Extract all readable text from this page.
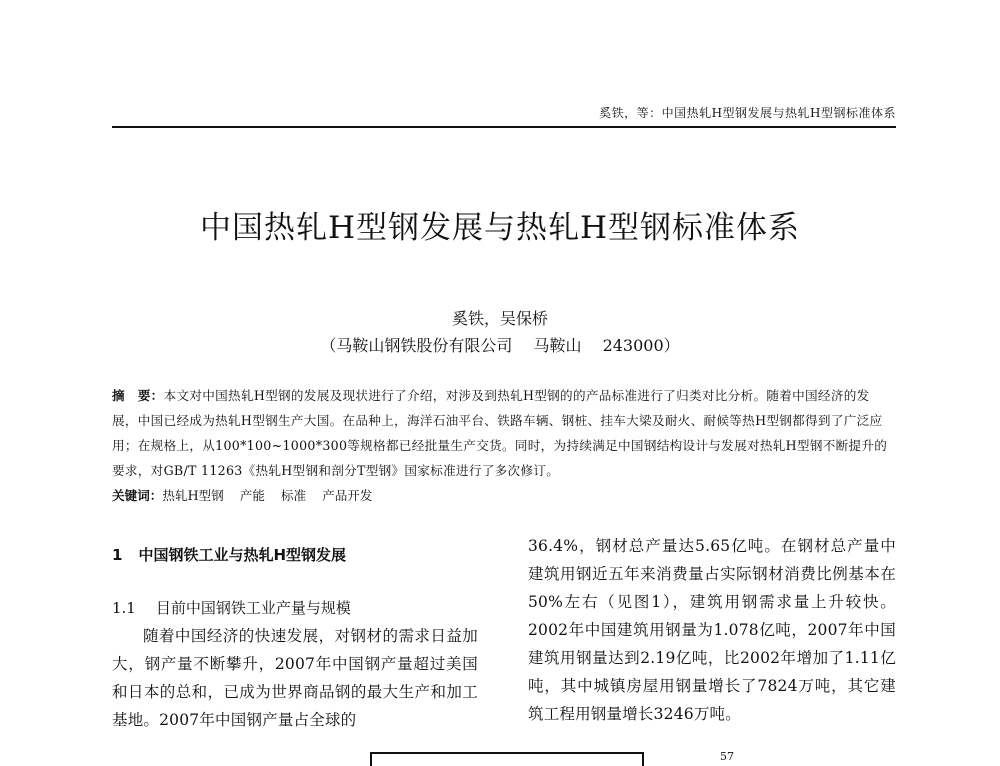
奚铁，等：中国热轧H型钢发展与热轧H型钢标准体系
中国热轧H型钢发展与热轧H型钢标准体系
奚铁，吴保桥
（马鞍山钢铁股份有限公司 马鞍山 243000）
摘　要：本文对中国热轧H型钢的发展及现状进行了介绍，对涉及到热轧H型钢的的产品标准进行了归类对比分析。随着中国经济的发展，中国已经成为热轧H型钢生产大国。在品种上，海洋石油平台、铁路车辆、钢桩、挂车大梁及耐火、耐候等热H型钢都得到了广泛应用；在规格上，从100*100~1000*300等规格都已经批量生产交货。同时，为持续满足中国钢结构设计与发展对热轧H型钢不断提升的要求，对GB/T 11263《热轧H型钢和剖分T型钢》国家标准进行了多次修订。
关键词：热轧H型钢 产能 标准 产品开发
1 中国钢铁工业与热轧H型钢发展
1.1 目前中国钢铁工业产量与规模

随着中国经济的快速发展，对钢材的需求日益加大，钢产量不断攀升，2007年中国钢产量超过美国和日本的总和，已成为世界商品钢的最大生产和加工基地。2007年中国钢产量占全球的

36.4%，钢材总产量达5.65亿吨。在钢材总产量中建筑用钢近五年来消费量占实际钢材消费比例基本在50%左右（见图1），建筑用钢需求量上升较快。2002年中国建筑用钢量为1.078亿吨，2007年中国建筑用钢量达到2.19亿吨，比2002年增加了1.11亿吨，其中城镇房屋用钢量增长了7824万吨，其它建筑工程用钢量增长3246万吨。

57
